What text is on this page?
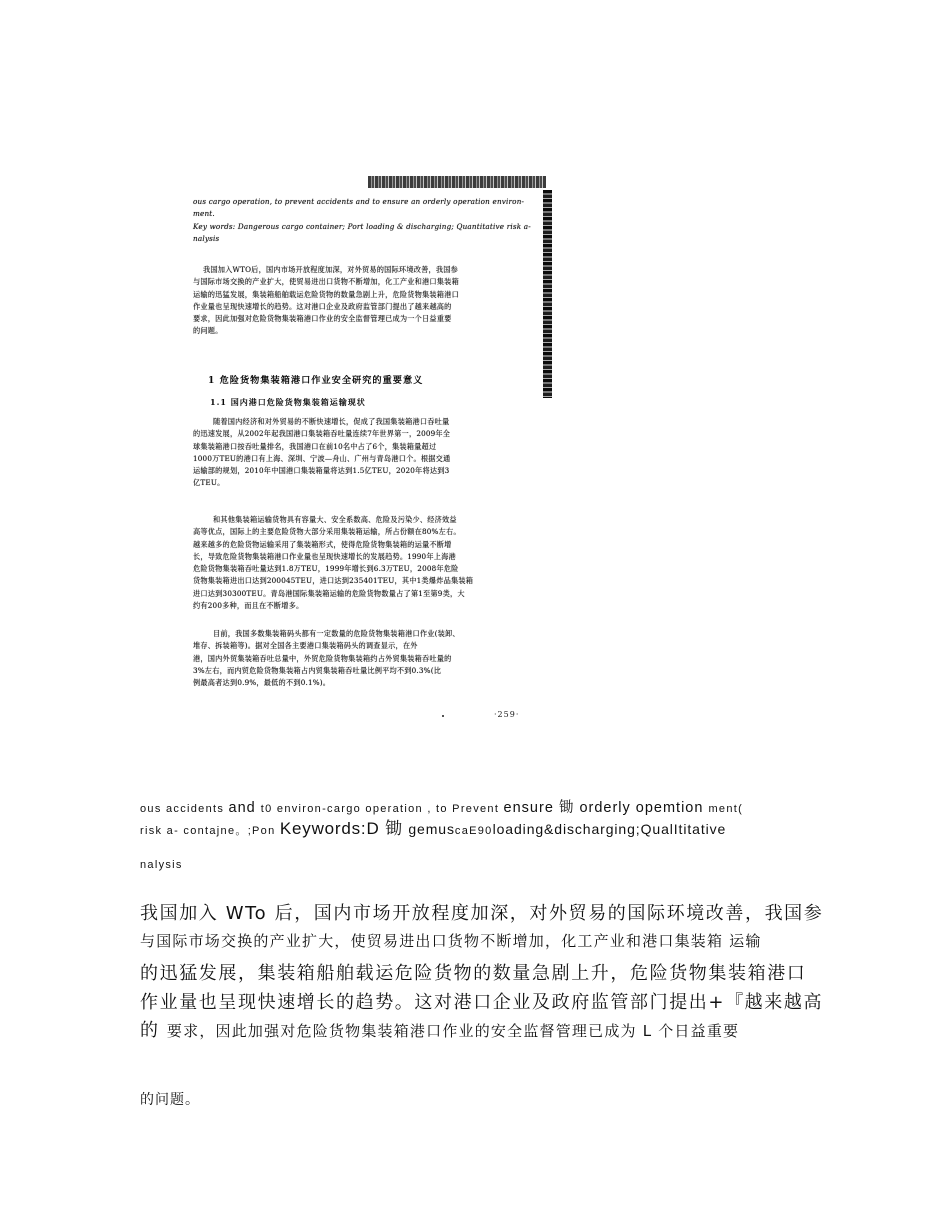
ous cargo operation, to prevent accidents and to ensure an orderly operation environ-
ment.
Key words: Dangerous cargo container; Port loading & discharging; Quantitative risk a-
nalysis
我国加入WTO后，国内市场开放程度加深，对外贸易的国际环境改善，我国参
与国际市场交换的产业扩大，使贸易进出口货物不断增加，化工产业和港口集装箱
运输的迅猛发展，集装箱船舶载运危险货物的数量急剧上升，危险货物集装箱港口
作业量也呈现快速增长的趋势。这对港口企业及政府监管部门提出了越来越高的
要求，因此加强对危险货物集装箱港口作业的安全监督管理已成为一个日益重要
的问题。
1 危险货物集装箱港口作业安全研究的重要意义
1.1 国内港口危险货物集装箱运输现状
随着国内经济和对外贸易的不断快速增长，促成了我国集装箱港口吞吐量
的迅速发展，从2002年起我国港口集装箱吞吐量连续7年世界第一，2009年全
球集装箱港口按吞吐量排名，我国港口在前10名中占了6个，集装箱量超过
1000万TEU的港口有上海、深圳、宁波—舟山、广州与青岛港口个。根据交通
运输部的规划，2010年中国港口集装箱量将达到1.5亿TEU，2020年将达到3
亿TEU。
和其他集装箱运输货物具有容量大、安全系数高、危险及污染少、经济效益
高等优点，国际上的主要危险货物大部分采用集装箱运输，所占份额在80%左右。
越来越多的危险货物运输采用了集装箱形式，使得危险货物集装箱的运量不断增
长，导致危险货物集装箱港口作业量也呈现快速增长的发展趋势。1990年上海港
危险货物集装箱吞吐量达到1.8万TEU，1999年增长到6.3万TEU，2008年危险
货物集装箱进出口达到200045TEU，进口达到235401TEU，其中1类爆炸品集装箱
进口达到30300TEU。青岛港国际集装箱运输的危险货物数量占了第1至第9类，大
约有200多种，而且在不断增多。
目前，我国多数集装箱码头都有一定数量的危险货物集装箱港口作业(装卸、
堆存、拆装箱等)。据对全国各主要港口集装箱码头的调查显示，在外
港，国内外贸集装箱吞吐总量中，外贸危险货物集装箱约占外贸集装箱吞吐量的
3%左右，而内贸危险货物集装箱占内贸集装箱吞吐量比例平均不到0.3%(比
例最高者达到0.9%，最低的不到0.1%)。
·259·
ous accidents and t0 environ-cargo operation , to Prevent ensure 锄 orderly opemtion ment(
risk a- contajne。;Pon Keywords:D 锄 gemuscaE90loading&discharging;QualItitative
nalysis
我国加入 WTo 后，国内市场开放程度加深，对外贸易的国际环境改善，我国参
与国际市场交换的产业扩大，使贸易进出口货物不断增加，化工产业和港口集装箱 运输
的迅猛发展，集装箱船舶载运危险货物的数量急剧上升，危险货物集装箱港口
作业量也呈现快速增长的趋势。这对港口企业及政府监管部门提出+『越来越高
的 要求，因此加强对危险货物集装箱港口作业的安全监督管理已成为 L 个日益重要
的问题。
